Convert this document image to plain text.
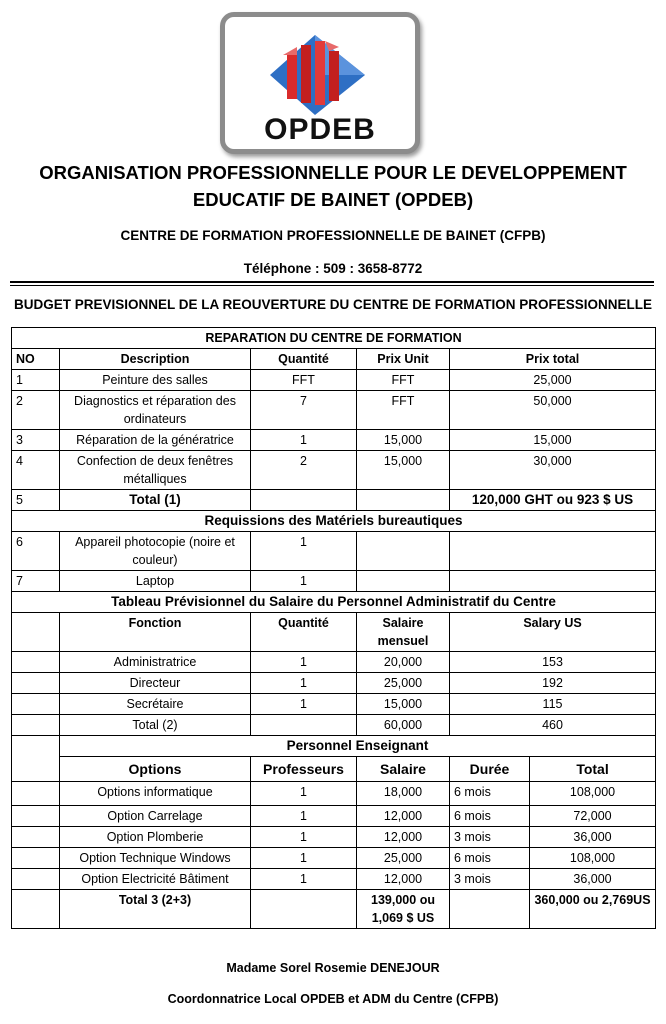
OPDEB
ORGANISATION PROFESSIONNELLE POUR LE DEVELOPPEMENT
EDUCATIF DE BAINET (OPDEB)
CENTRE DE FORMATION PROFESSIONNELLE DE BAINET (CFPB)
Téléphone : 509 : 3658-8772
BUDGET PREVISIONNEL DE LA REOUVERTURE DU CENTRE DE FORMATION PROFESSIONNELLE
REPARATION DU CENTRE DE FORMATION					
NO	Description	Quantité	Prix Unit	Prix total	
1	Peinture des salles	FFT	FFT	25,000	
2	Diagnostics et réparation des ordinateurs	7	FFT	50,000	
3	Réparation de la génératrice	1	15,000	15,000	
4	Confection de deux fenêtres métalliques	2	15,000	30,000	
5	Total (1)			120,000 GHT ou 923 $ US	
Requissions des Matériels bureautiques					
6	Appareil photocopie (noire et couleur)	1			
7	Laptop	1			
Tableau Prévisionnel du Salaire du Personnel Administratif du Centre					
	Fonction	Quantité	Salaire mensuel	Salary US	
	Administratrice	1	20,000	153	
	Directeur	1	25,000	192	
	Secrétaire	1	15,000	115	
	Total (2)		60,000	460	
	Personnel Enseignant				
	Options	Professeurs	Salaire	Durée	Total
	Options informatique	1	18,000	6 mois	108,000
	Option Carrelage	1	12,000	6 mois	72,000
	Option Plomberie	1	12,000	3 mois	36,000
	Option Technique Windows	1	25,000	6 mois	108,000
	Option Electricité Bâtiment	1	12,000	3 mois	36,000
	Total 3 (2+3)		139,000 ou 1,069 $ US		360,000 ou 2,769US
Madame Sorel Rosemie DENEJOUR
Coordonnatrice Local OPDEB et ADM du Centre (CFPB)
